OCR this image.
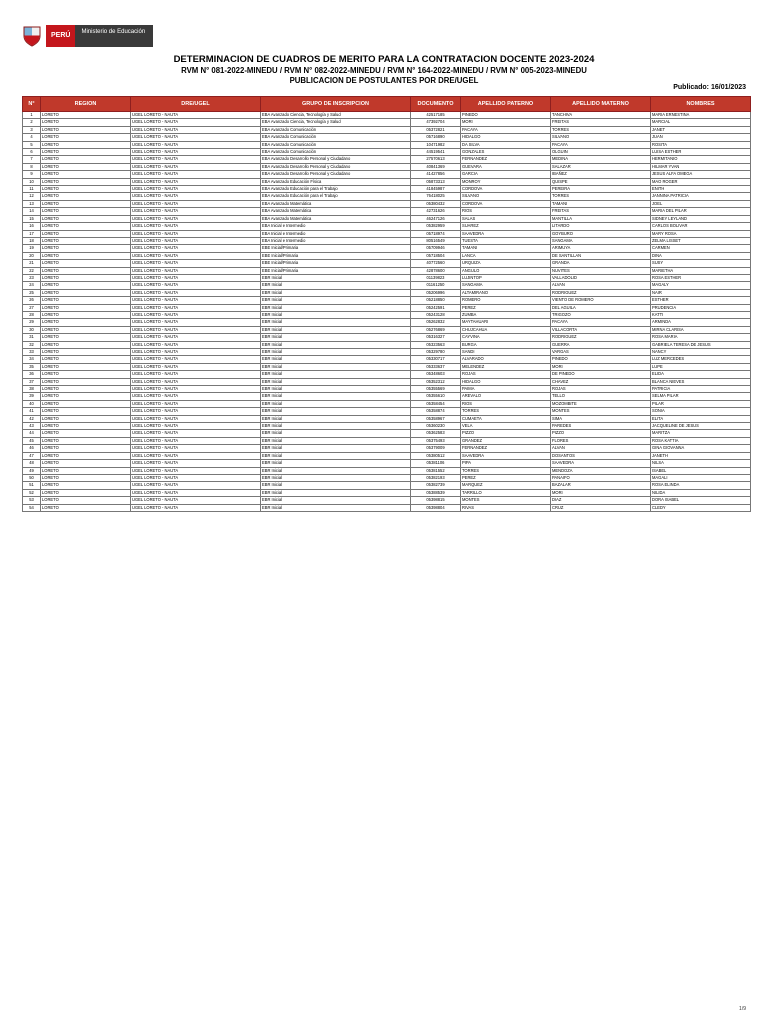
PERÚ	Ministerio de Educación
DETERMINACION DE CUADROS DE MERITO PARA LA CONTRATACION DOCENTE 2023-2024
RVM N° 081-2022-MINEDU / RVM N° 082-2022-MINEDU / RVM N° 164-2022-MINEDU / RVM N° 005-2023-MINEDU
PUBLICACION DE POSTULANTES POR DRE/UGEL
Publicado: 16/01/2023
N°	REGION	DRE/UGEL	GRUPO DE INSCRIPCION	DOCUMENTO	APELLIDO PATERNO	APELLIDO MATERNO	NOMBRES
1	LORETO	UGEL LORETO - NAUTA	EBA Avanzado Ciencia, Tecnología y Salud	42517185	PINEDO	TANCHIVA	MARIA ERNESTINA
2	LORETO	UGEL LORETO - NAUTA	EBA Avanzado Ciencia, Tecnología y Salud	47392704	MORI	FREITAS	MARCIAL
3	LORETO	UGEL LORETO - NAUTA	EBA Avanzado Comunicación	05372821	PACAYA	TORRES	JANET
4	LORETO	UGEL LORETO - NAUTA	EBA Avanzado Comunicación	05716890	HIDALGO	SILVANO	JUAN
5	LORETO	UGEL LORETO - NAUTA	EBA Avanzado Comunicación	10471982	DA SILVA	PACAYA	ROSITA
6	LORETO	UGEL LORETO - NAUTA	EBA Avanzado Comunicación	44519541	GONZALES	OLGUIN	LUISA ESTHER
7	LORETO	UGEL LORETO - NAUTA	EBA Avanzado Desarrollo Personal y Ciudadano	27570613	FERNANDEZ	MEDINA	HERMITANIO
8	LORETO	UGEL LORETO - NAUTA	EBA Avanzado Desarrollo Personal y Ciudadano	40841369	GUEVARA	SALAZAR	HILMAR YVAN
9	LORETO	UGEL LORETO - NAUTA	EBA Avanzado Desarrollo Personal y Ciudadano	41427856	GARCIA	IBAÑEZ	JESUS ALFA OMEGA
10	LORETO	UGEL LORETO - NAUTA	EBA Avanzado Educación Física	05873313	MONROY	QUISPE	MAO ROGER
11	LORETO	UGEL LORETO - NAUTA	EBA Avanzado Educación para el Trabajo	41845987	CORDOVA	PEREIRA	ENITH
12	LORETO	UGEL LORETO - NAUTA	EBA Avanzado Educación para el Trabajo	76418025	SILVANO	TORRES	JANNINA PATRICIA
13	LORETO	UGEL LORETO - NAUTA	EBA Avanzado Matemática	05380432	CORDOVA	TAMANI	JOEL
14	LORETO	UGEL LORETO - NAUTA	EBA Avanzado Matemática	42731626	RIOS	FREITAS	MARIA DEL PILAR
15	LORETO	UGEL LORETO - NAUTA	EBA Avanzado Matemática	46247126	SALAS	MANTILLA	SIDNEY LEYLAND
16	LORETO	UGEL LORETO - NAUTA	EBA Inicial e Intermedio	05382959	SUAREZ	LITARDO	CARLOS BOLIVAR
17	LORETO	UGEL LORETO - NAUTA	EBA Inicial e Intermedio	05718974	SAAVEDRA	GOYBURO	MARY ROSA
18	LORETO	UGEL LORETO - NAUTA	EBA Inicial e Intermedio	80516549	TUESTA	SANGAMA	ZELMA LISSET
19	LORETO	UGEL LORETO - NAUTA	EBE Inicial/Primaria	05709946	TAMANI	ARIMUYA	CARMEN
20	LORETO	UGEL LORETO - NAUTA	EBE Inicial/Primaria	05718504	LANCA	DE SANTILLAN	DINA
21	LORETO	UGEL LORETO - NAUTA	EBE Inicial/Primaria	40772560	URQUIZA	GRANDA	SUSY
22	LORETO	UGEL LORETO - NAUTA	EBE Inicial/Primaria	42878600	ANGULO	NUVITES	MARIETHA
23	LORETO	UGEL LORETO - NAUTA	EBR Inicial	01139823	LUJINTOP	VALLADOLID	ROSA ESTHER
24	LORETO	UGEL LORETO - NAUTA	EBR Inicial	01161250	SANGAMA	ALVAN	MAGALY
25	LORETO	UGEL LORETO - NAUTA	EBR Inicial	05206996	ALTAMIRANO	RODRIGUEZ	NAIR
26	LORETO	UGEL LORETO - NAUTA	EBR Inicial	05218850	ROMERO	VIENTO DE ROMERO	ESTHER
27	LORETO	UGEL LORETO - NAUTA	EBR Inicial	05242591	PEREZ	DEL AGUILA	PRUDENCIA
28	LORETO	UGEL LORETO - NAUTA	EBR Inicial	05243128	ZUMBA	TRIGOZO	KATTI
29	LORETO	UGEL LORETO - NAUTA	EBR Inicial	05262832	MAYTAHUARI	PACAYA	ARMINDA
30	LORETO	UGEL LORETO - NAUTA	EBR Inicial	05276869	CHUJCAHUA	VILLACORTA	MIRNA CLARISA
31	LORETO	UGEL LORETO - NAUTA	EBR Inicial	05316327	CAYVINA	RODRIGUEZ	ROSA MARIA
32	LORETO	UGEL LORETO - NAUTA	EBR Inicial	05323563	BURGA	GUERRA	GABRIELA TERESA DE JESUS
33	LORETO	UGEL LORETO - NAUTA	EBR Inicial	05329780	SANDI	VARGAS	NANCY
34	LORETO	UGEL LORETO - NAUTA	EBR Inicial	05330717	ALVARADO	PINEDO	LUZ MERCEDES
35	LORETO	UGEL LORETO - NAUTA	EBR Inicial	05333637	MELENDEZ	MORI	LUPE
36	LORETO	UGEL LORETO - NAUTA	EBR Inicial	05348603	ROJAS	DE PINEDO	ELIDA
37	LORETO	UGEL LORETO - NAUTA	EBR Inicial	05352312	HIDALGO	CHAVEZ	BLANCA NIEVES
38	LORETO	UGEL LORETO - NAUTA	EBR Inicial	05355569	PAIMA	ROJAS	PATRICIA
39	LORETO	UGEL LORETO - NAUTA	EBR Inicial	05355610	AREVALO	TELLO	SELMA PILAR
40	LORETO	UGEL LORETO - NAUTA	EBR Inicial	05358454	RIOS	MOZOMBITE	PILAR
41	LORETO	UGEL LORETO - NAUTA	EBR Inicial	05358874	TORRES	MONTES	SONIA
42	LORETO	UGEL LORETO - NAUTA	EBR Inicial	05358967	CUMAETA	SIMA	ELITA
43	LORETO	UGEL LORETO - NAUTA	EBR Inicial	05360230	VELA	PAREDES	JACQUELINE DE JESUS
44	LORETO	UGEL LORETO - NAUTA	EBR Inicial	05362583	PIZZO	PIZZO	MARITZA
45	LORETO	UGEL LORETO - NAUTA	EBR Inicial	05375493	GRANDEZ	FLORES	ROSA KATTIA
46	LORETO	UGEL LORETO - NAUTA	EBR Inicial	05379009	FERNANDEZ	ALVAN	GINA GIOVANNA
47	LORETO	UGEL LORETO - NAUTA	EBR Inicial	05380512	SAAVEDRA	DOSANTOS	JANETH
48	LORETO	UGEL LORETO - NAUTA	EBR Inicial	05381106	PIPA	SAAVEDRA	NILSA
49	LORETO	UGEL LORETO - NAUTA	EBR Inicial	05381552	TORRES	MENDOZA	ISABEL
50	LORETO	UGEL LORETO - NAUTA	EBR Inicial	05382193	PEREZ	PANAIFO	MAGALI
51	LORETO	UGEL LORETO - NAUTA	EBR Inicial	05382739	MARQUEZ	BAZALAR	ROSA ELINDA
52	LORETO	UGEL LORETO - NAUTA	EBR Inicial	05388539	TARRILLO	MORI	NILIDA
53	LORETO	UGEL LORETO - NAUTA	EBR Inicial	05398815	MONTES	DIAZ	DORA ISABEL
54	LORETO	UGEL LORETO - NAUTA	EBR Inicial	05398804	RIVAS	CRUZ	CLEDY
1/9
